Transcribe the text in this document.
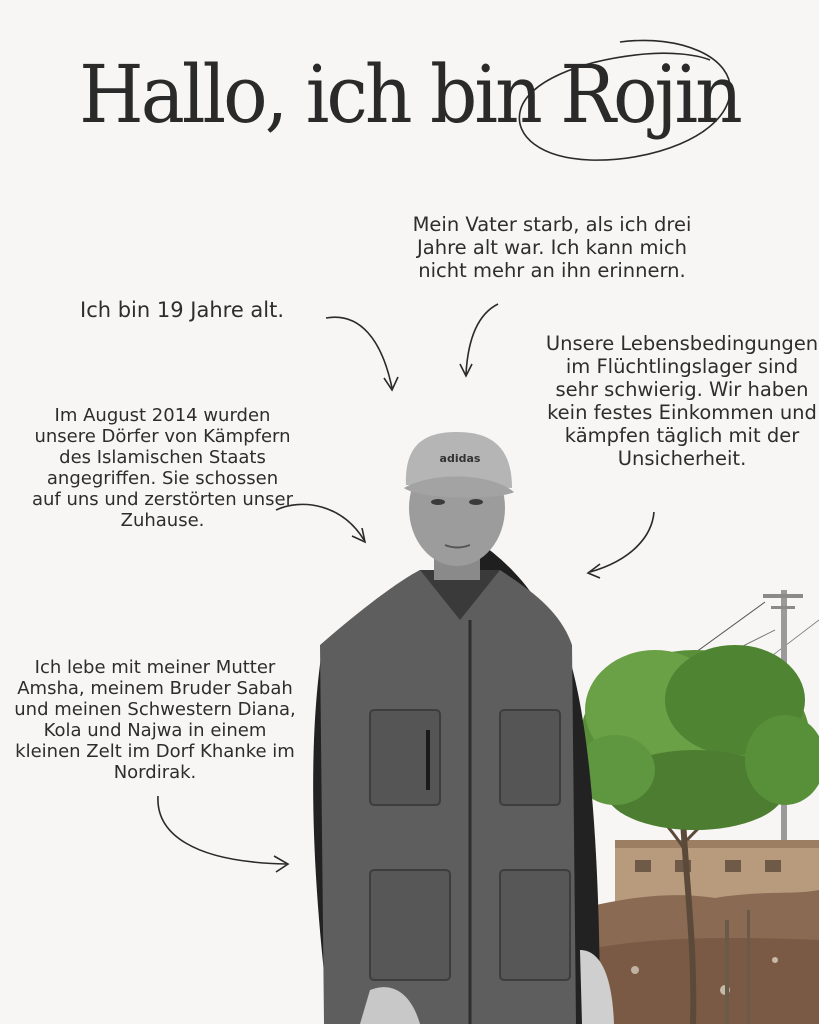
Hallo, ich bin Rojin
Mein Vater starb, als ich drei Jahre alt war. Ich kann mich nicht mehr an ihn erinnern.
Ich bin 19 Jahre alt.
Unsere Lebensbedingungen im Flüchtlingslager sind sehr schwierig. Wir haben kein festes Einkommen und kämpfen täglich mit der Unsicherheit.
Im August 2014 wurden unsere Dörfer von Kämpfern des Islamischen Staats angegriffen. Sie schossen auf uns und zerstörten unser Zuhause.
Ich lebe mit meiner Mutter Amsha, meinem Bruder Sabah und meinen Schwestern Diana, Kola und Najwa in einem kleinen Zelt im Dorf Khanke im Nordirak.
adidas
